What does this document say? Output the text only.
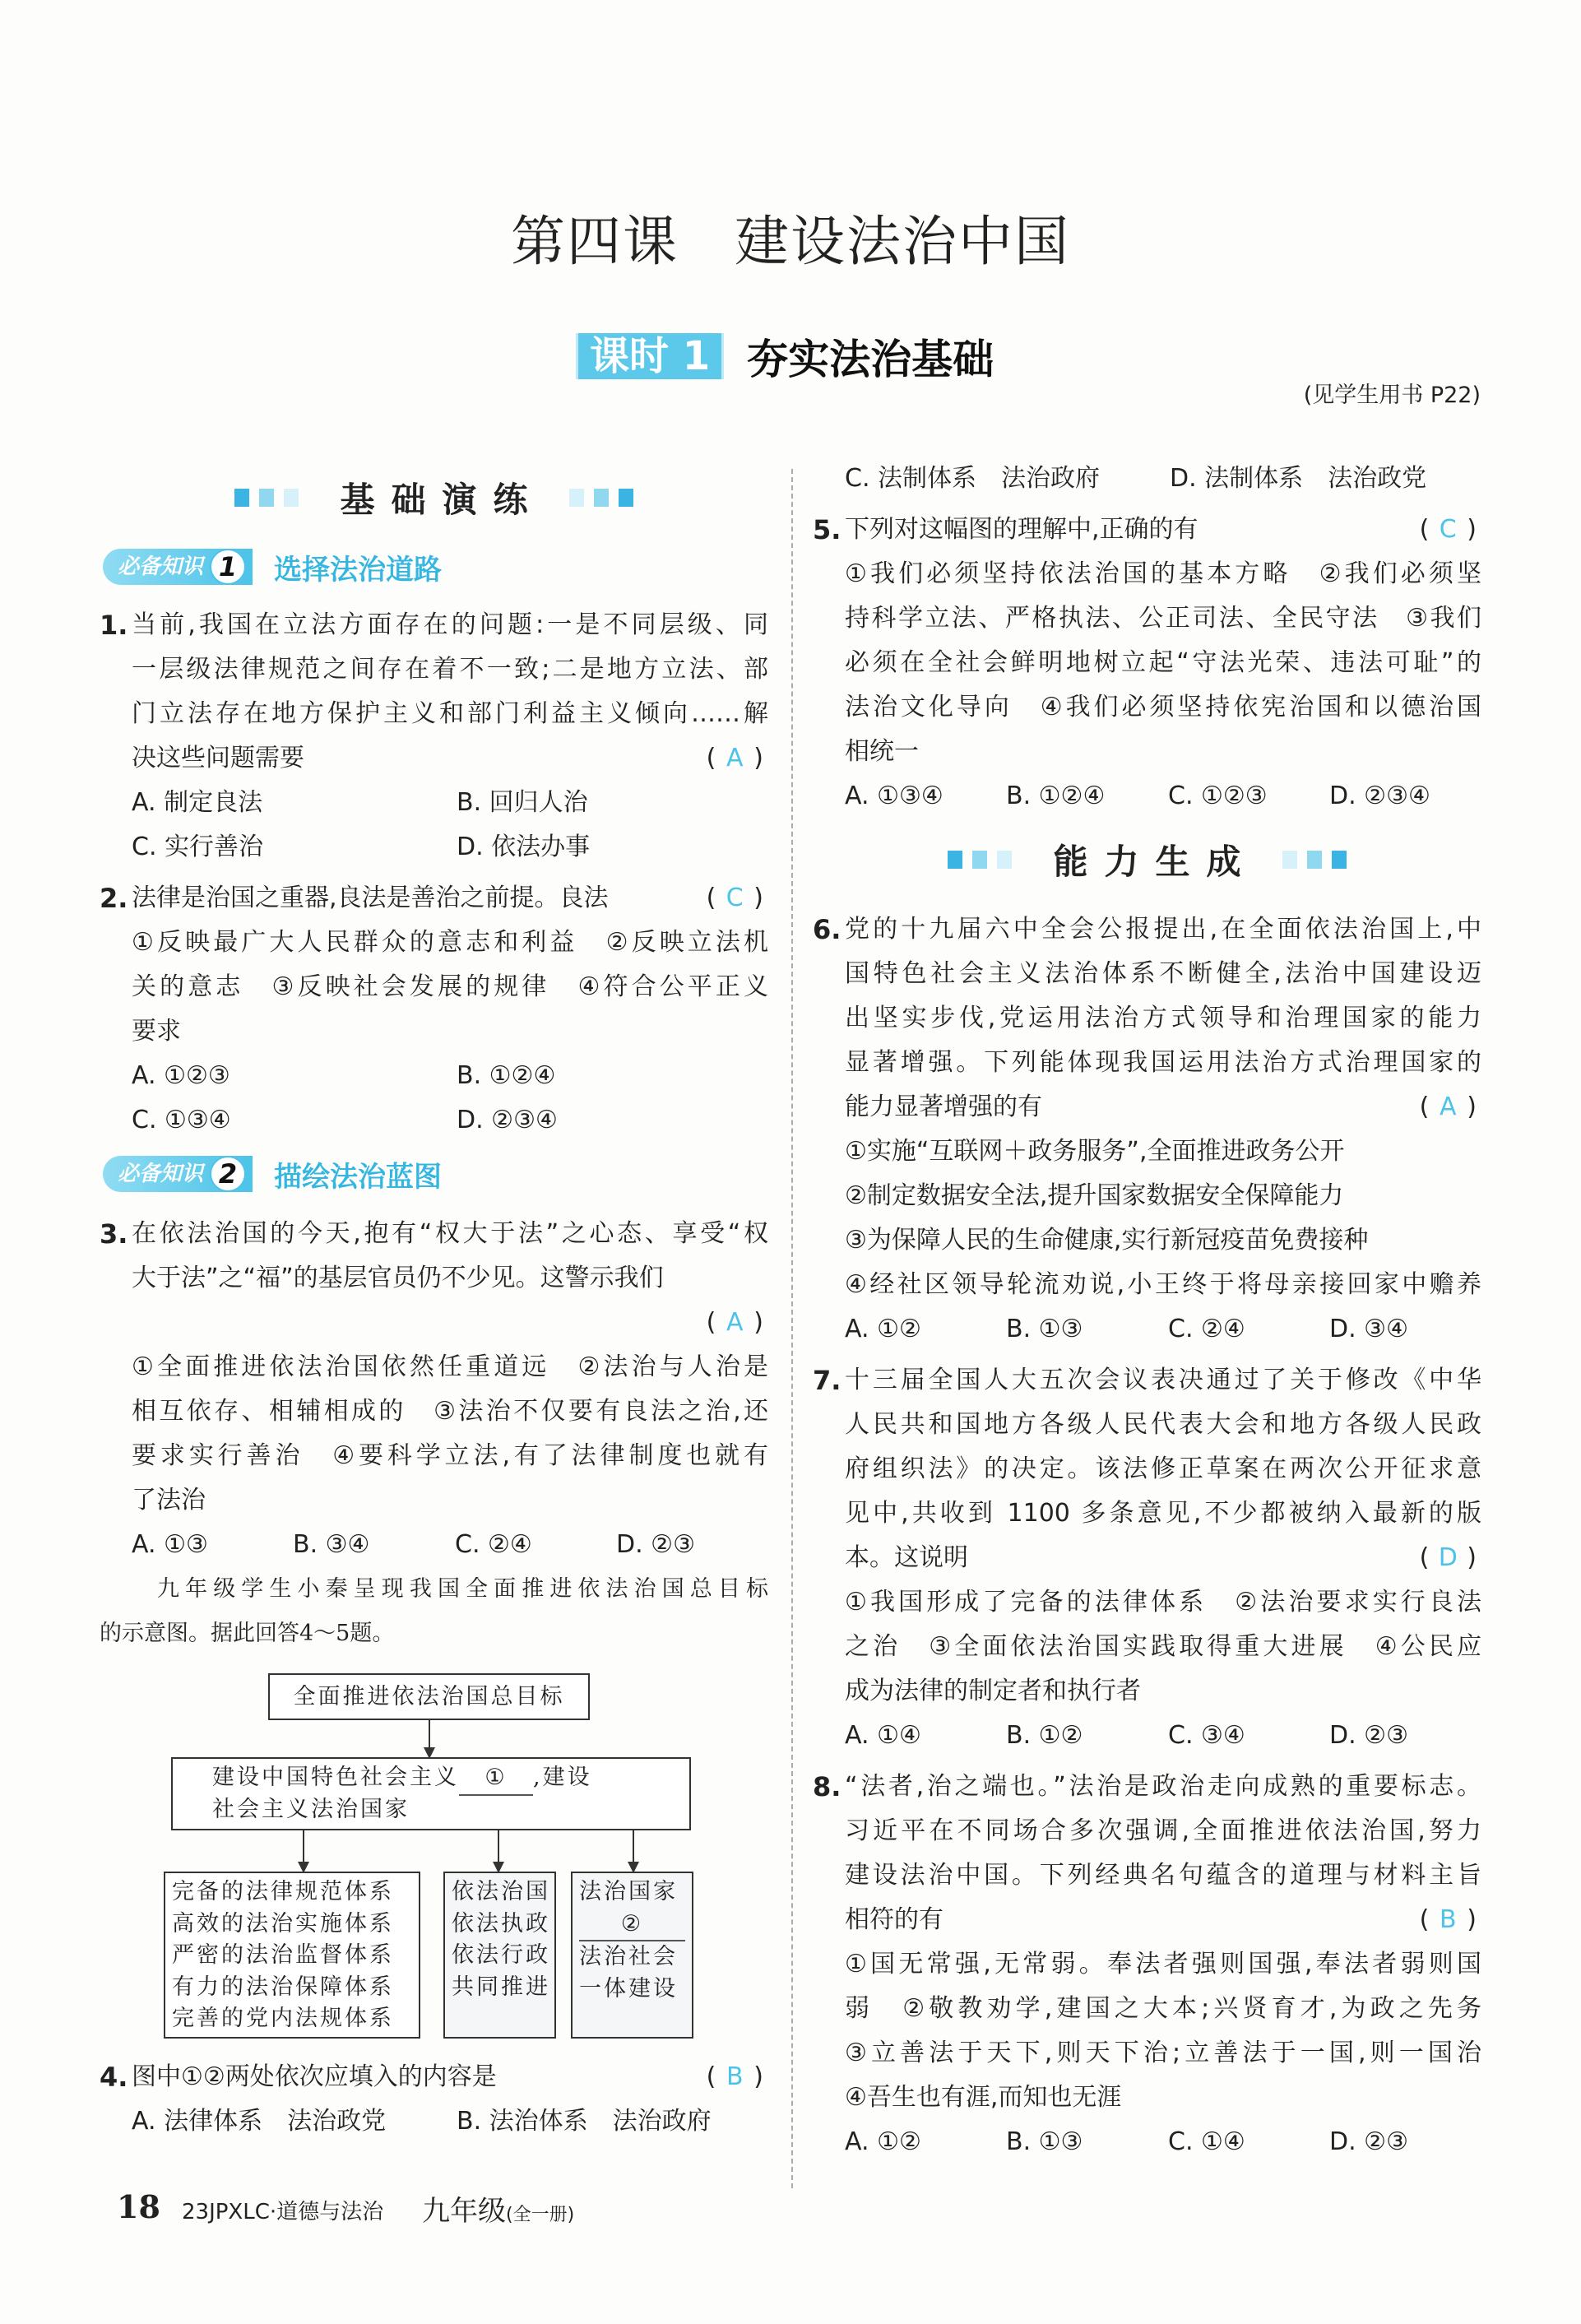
第四课　建设法治中国
课时 1 夯实法治基础
(见学生用书 P22)
基础演练
必备知识 1	选择法治道路
1. 当前,我国在立法方面存在的问题:一是不同层级、同
一层级法律规范之间存在着不一致;二是地方立法、部
门立法存在地方保护主义和部门利益主义倾向……解
决这些问题需要	( A )
A. 制定良法	B. 回归人治
C. 实行善治	D. 依法办事
2. 法律是治国之重器,良法是善治之前提。良法	( C )
①反映最广大人民群众的意志和利益　②反映立法机
关的意志　③反映社会发展的规律　④符合公平正义
要求
A. ①②③	B. ①②④
C. ①③④	D. ②③④
必备知识 2	描绘法治蓝图
3. 在依法治国的今天,抱有“权大于法”之心态、享受“权
大于法”之“福”的基层官员仍不少见。这警示我们
( A )
①全面推进依法治国依然任重道远　②法治与人治是
相互依存、相辅相成的　③法治不仅要有良法之治,还
要求实行善治　④要科学立法,有了法律制度也就有
了法治
A. ①③	B. ③④	C. ②④	D. ②③
九年级学生小秦呈现我国全面推进依法治国总目标
的示意图。据此回答4～5题。
全面推进依法治国总目标
建设中国特色社会主义 ① ,建设
社会主义法治国家
完备的法律规范体系
高效的法治实施体系
严密的法治监督体系
有力的法治保障体系
完善的党内法规体系
依法治国
依法执政
依法行政
共同推进
法治国家
②
法治社会
一体建设
4. 图中①②两处依次应填入的内容是	( B )
A. 法律体系　法治政党	B. 法治体系　法治政府
C. 法制体系　法治政府	D. 法制体系　法治政党
5. 下列对这幅图的理解中,正确的有	( C )
①我们必须坚持依法治国的基本方略　②我们必须坚
持科学立法、严格执法、公正司法、全民守法　③我们
必须在全社会鲜明地树立起“守法光荣、违法可耻”的
法治文化导向　④我们必须坚持依宪治国和以德治国
相统一
A. ①③④	B. ①②④	C. ①②③	D. ②③④
能力生成
6. 党的十九届六中全会公报提出,在全面依法治国上,中
国特色社会主义法治体系不断健全,法治中国建设迈
出坚实步伐,党运用法治方式领导和治理国家的能力
显著增强。下列能体现我国运用法治方式治理国家的
能力显著增强的有	( A )
①实施“互联网＋政务服务”,全面推进政务公开
②制定数据安全法,提升国家数据安全保障能力
③为保障人民的生命健康,实行新冠疫苗免费接种
④经社区领导轮流劝说,小王终于将母亲接回家中赡养
A. ①②	B. ①③	C. ②④	D. ③④
7. 十三届全国人大五次会议表决通过了关于修改《中华
人民共和国地方各级人民代表大会和地方各级人民政
府组织法》的决定。该法修正草案在两次公开征求意
见中,共收到 1100 多条意见,不少都被纳入最新的版
本。这说明	( D )
①我国形成了完备的法律体系　②法治要求实行良法
之治　③全面依法治国实践取得重大进展　④公民应
成为法律的制定者和执行者
A. ①④	B. ①②	C. ③④	D. ②③
8. “法者,治之端也。”法治是政治走向成熟的重要标志。
习近平在不同场合多次强调,全面推进依法治国,努力
建设法治中国。下列经典名句蕴含的道理与材料主旨
相符的有	( B )
①国无常强,无常弱。奉法者强则国强,奉法者弱则国
弱　②敬教劝学,建国之大本;兴贤育才,为政之先务
③立善法于天下,则天下治;立善法于一国,则一国治
④吾生也有涯,而知也无涯
A. ①②	B. ①③	C. ①④	D. ②③
18 23JPXLC·道德与法治 九年级(全一册)
